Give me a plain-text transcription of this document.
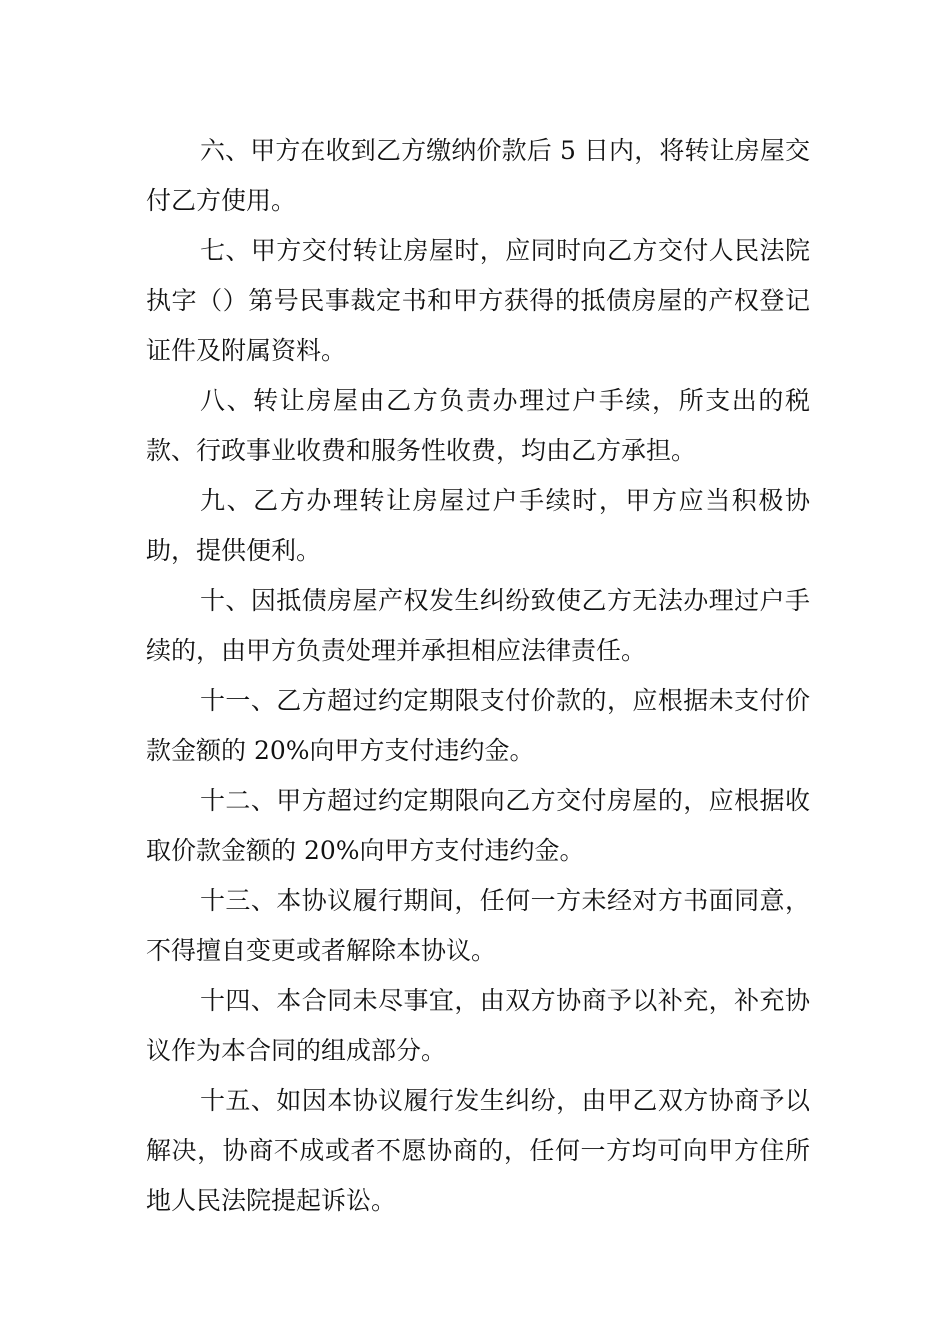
六、甲方在收到乙方缴纳价款后 5 日内，将转让房屋交付乙方使用。

七、甲方交付转让房屋时，应同时向乙方交付人民法院执字（）第号民事裁定书和甲方获得的抵债房屋的产权登记证件及附属资料。

八、转让房屋由乙方负责办理过户手续，所支出的税款、行政事业收费和服务性收费，均由乙方承担。

九、乙方办理转让房屋过户手续时，甲方应当积极协助，提供便利。

十、因抵债房屋产权发生纠纷致使乙方无法办理过户手续的，由甲方负责处理并承担相应法律责任。

十一、乙方超过约定期限支付价款的，应根据未支付价款金额的 20%向甲方支付违约金。

十二、甲方超过约定期限向乙方交付房屋的，应根据收取价款金额的 20%向甲方支付违约金。

十三、本协议履行期间，任何一方未经对方书面同意，不得擅自变更或者解除本协议。

十四、本合同未尽事宜，由双方协商予以补充，补充协议作为本合同的组成部分。

十五、如因本协议履行发生纠纷，由甲乙双方协商予以解决，协商不成或者不愿协商的，任何一方均可向甲方住所地人民法院提起诉讼。
